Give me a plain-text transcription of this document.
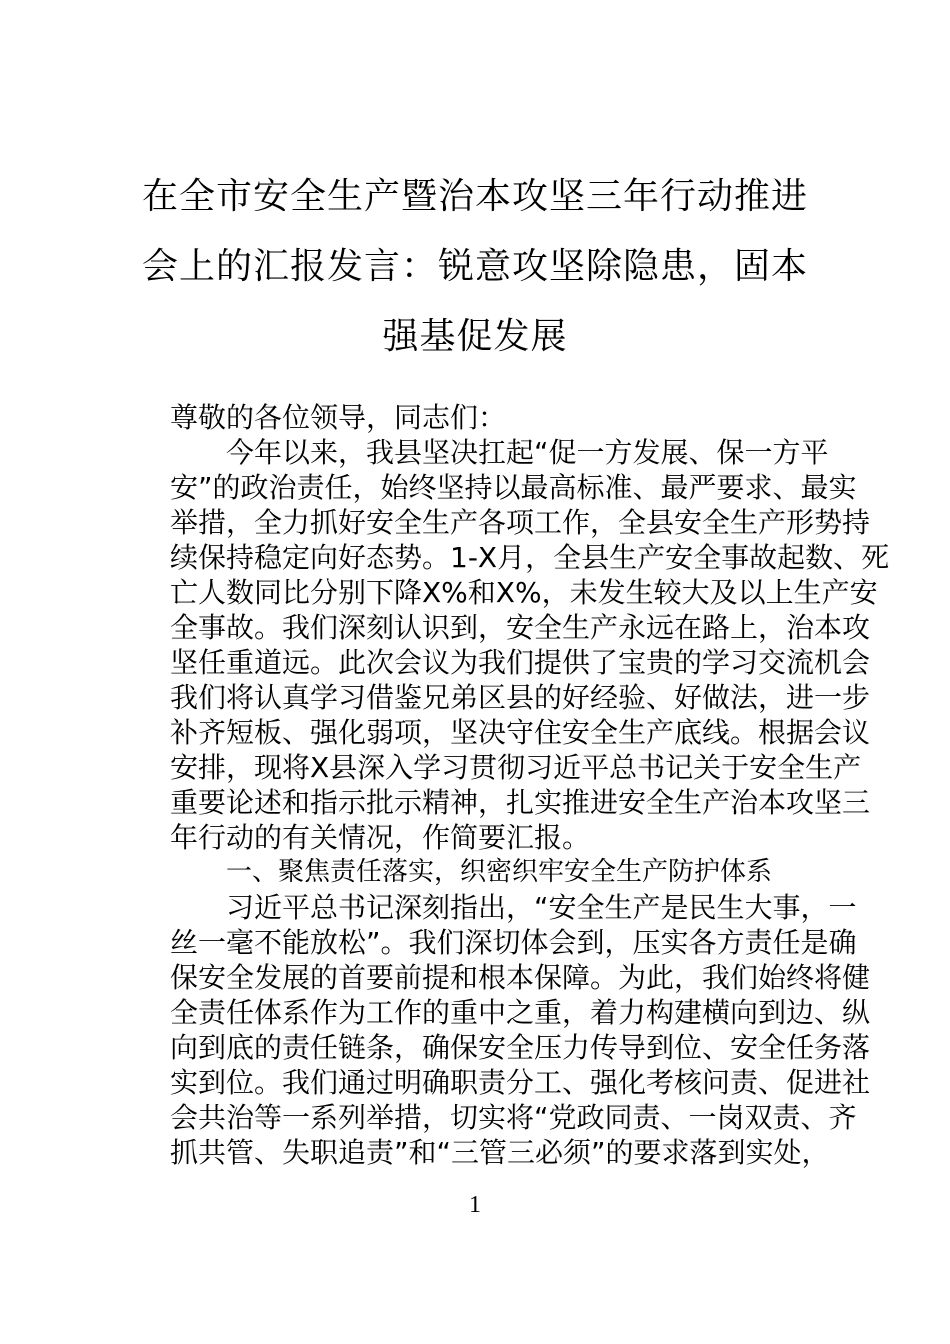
在全市安全生产暨治本攻坚三年行动推进
会上的汇报发言：锐意攻坚除隐患，固本
强基促发展
尊敬的各位领导，同志们：
今年以来，我县坚决扛起“促一方发展、保一方平
安”的政治责任，始终坚持以最高标准、最严要求、最实
举措，全力抓好安全生产各项工作，全县安全生产形势持
续保持稳定向好态势。1-X月，全县生产安全事故起数、死
亡人数同比分别下降X%和X%，未发生较大及以上生产安
全事故。我们深刻认识到，安全生产永远在路上，治本攻
坚任重道远。此次会议为我们提供了宝贵的学习交流机会
我们将认真学习借鉴兄弟区县的好经验、好做法，进一步
补齐短板、强化弱项，坚决守住安全生产底线。根据会议
安排，现将X县深入学习贯彻习近平总书记关于安全生产
重要论述和指示批示精神，扎实推进安全生产治本攻坚三
年行动的有关情况，作简要汇报。
一、聚焦责任落实，织密织牢安全生产防护体系
习近平总书记深刻指出，“安全生产是民生大事，一
丝一毫不能放松”。我们深切体会到，压实各方责任是确
保安全发展的首要前提和根本保障。为此，我们始终将健
全责任体系作为工作的重中之重，着力构建横向到边、纵
向到底的责任链条，确保安全压力传导到位、安全任务落
实到位。我们通过明确职责分工、强化考核问责、促进社
会共治等一系列举措，切实将“党政同责、一岗双责、齐
抓共管、失职追责”和“三管三必须”的要求落到实处，
1
